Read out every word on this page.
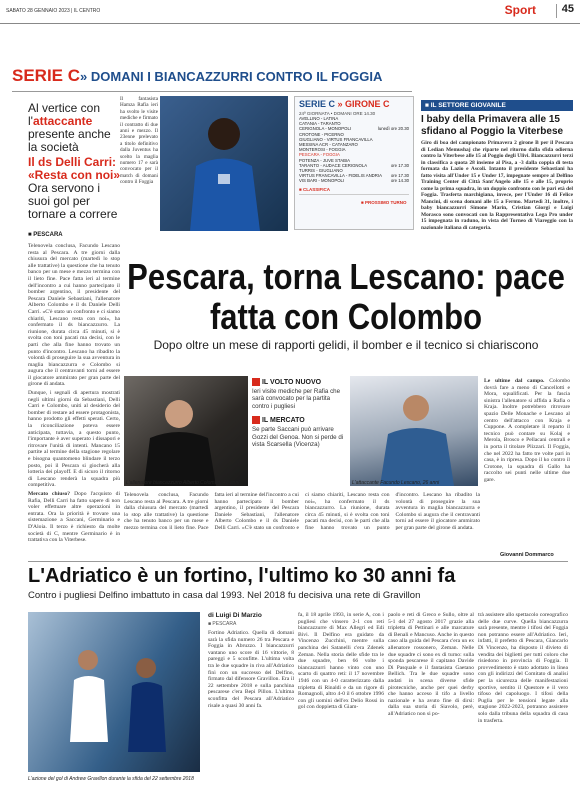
SABATO 28 GENNAIO 2023 | IL CENTRO	Sport 45
SERIE C» DOMANI I BIANCAZZURRI CONTRO IL FOGGIA
Al vertice con l'attaccante presente anche la società
Il ds Delli Carri: «Resta con noi»
Ora servono i suoi gol per tornare a correre
■ PESCARA

Telenovela conclusa, Facundo Lescano resta al Pescara. A tre giorni dalla chiusura del mercato (martedì lo stop alle trattative) la questione che ha tenuto banco per un mese e mezzo termina con il lieto fine. Pace fatta ieri al termine dell'incontro a cui hanno partecipato il bomber argentino, il presidente del Pescara Daniele Sebastiani, l'allenatore Alberto Colombo e il ds Daniele Delli Carri. «C'è stato un confronto e ci siamo chiariti, Lescano resta con noi», ha confermato il ds biancazzurro. La riunione, durata circa 45 minuti, si è svolta con toni pacati ma decisi, con le parti che alla fine hanno trovato un punto d'incontro. Lescano ha ribadito la volontà di proseguire la sua avventura in maglia biancazzurra e Colombo si augura che il centravanti torni ad essere il giocatore ammirato per gran parte del girone di andata.

Dunque, i segnali di apertura mostrati negli ultimi giorni da Sebastiani, Delli Carri e Colombo, uniti al desiderio del bomber di restare ad essere protagonista, hanno prodotto gli effetti sperati. Certo, la riconciliazione poteva essere anticipata, tuttavia, a questo punto, l'importante è aver superato i dissapori e ritrovare l'unità di intenti. Mancano 15 partite al termine della stagione regolare e bisogna quantomeno blindare il terzo posto, poi il Pescara si giocherà alla lotteria dei playoff. E di sicuro il ritorno di Lescano renderà la squadra più competitiva.

Mercato chiuso? Dopo l'acquisto di Rafia, Delli Carri ha fatto sapere di non voler effettuare altre operazioni in entrata. Ora la priorità è trovare una sistemazione a Saccani, Germinario e D'Aloia. Il terzo è richiesto da molte società di C, mentre Germinario è in trattativa con la Viterbese.

Il fantasista Hamza Rafia ieri ha svolto le visite mediche e firmato il contratto di due anni e mezzo. Il 23enne prelevato a titolo definitivo dalla Juventus ha scelto la maglia numero 17 e sarà convocato per il match di domani contro il Foggia
SERIE C » GIRONE C
24ª GIORNATA • DOMANI ORE 14.30
AVELLINO - LATINA
CATANIA - TARANTO
CERIGNOLA - MONOPOLI	lunedì ore 20.30
CROTONE - PICERNO
GIUGLIANO - VIRTUS FRANCAVILLA
MESSINA ACR - CATANZARO
MONTEROSI - FOGGIA
PESCARA - FOGGIA
POTENZA - JUVE STABIA
TARANTO - AUDACE CERIGNOLA	ore 17.30
TURRIS - GIUGLIANO
VIRTUS FRANCAVILLA - FIDELIS ANDRIA ore 17.30
VIS BARI - MONOPOLI	ore 14.30
■ CLASSIFICA
■ PROSSIMO TURNO
■ IL SETTORE GIOVANILE
I baby della Primavera alle 15 sfidano al Poggio la Viterbese
Giro di boa del campionato Primavera 2 girone B per il Pescara di Ledian Memushaj che riparte nel ritorno dalla sfida odierna contro la Viterbese alle 15 al Poggio degli Ulivi. Biancazzurri terzi in classifica a quota 28 insieme al Pisa, a -3 dalla coppia di testa formata da Lazio e Ascoli. Intanto il presidente Sebastiani ha fatto visita all'Under 15 e Under 17, impegnate sempre al Delfino Training Center di Città Sant'Angelo alle 15 e alle 15, proprio come la prima squadra, in un doppio confronto con le pari età del Foggia. Trasferta marchigiana, invece, per l'Under 16 di Felice Mancini, di scena domani alle 15 a Fermo. Martedì 31, inoltre, i baby biancazzurri Simone Marin, Cristian Giorgi e Luigi Morasco sono convocati con la Rappresentativa Lega Pro under 15 impegnata in raduno, in vista del Torneo di Viareggio con la nazionale italiana di categoria.
Pescara, torna Lescano: pace fatta con Colombo
Dopo oltre un mese di rapporti gelidi, il bomber e il tecnico si chiariscono
L'allenatore biancazzurro Alberto Colombo, 48 anni
IL VOLTO NUOVO
Ieri visite mediche per Rafia che sarà convocato per la partita contro i pugliesi
IL MERCATO
Se parte Saccani può arrivare Gozzi del Genoa. Non si perde di vista Scarsella (Vicenza)
L'attaccante Facundo Lescano, 26 anni
Le ultime dal campo. Colombo dovrà fare a meno di Cancellotti e Mora, squalificati. Per la fascia sinistra l'allenatore si affida a Rafia o Kraja. Inoltre potrebbero ritrovare spazio Delle Monache e Lescano al centro dell'attacco con Kraja e Cuppone. A completare il reparto il tecnico può contare su Kolaj e Merola, Brosco e Pellacani centrali e in porta il titolare Plizzari. Il Foggia, che nel 2022 ha fatto tre volte pari in casa, è in ripresa. Dopo il ko contro il Crotone, la squadra di Gallo ha raccolto sei punti nelle ultime due gare.
Giovanni Dommarco
Telenovela conclusa, Facundo Lescano resta al Pescara. A tre giorni dalla chiusura del mercato (martedì lo stop alle trattative) la questione che ha tenuto banco per un mese e mezzo termina con il lieto fine. Pace fatta ieri al termine dell'incontro a cui hanno partecipato il bomber argentino, il presidente del Pescara Daniele Sebastiani, l'allenatore Alberto Colombo e il ds Daniele Delli Carri. «C'è stato un confronto e ci siamo chiariti, Lescano resta con noi», ha confermato il ds biancazzurro. La riunione, durata circa 45 minuti, si è svolta con toni pacati ma decisi, con le parti che alla fine hanno trovato un punto d'incontro. Lescano ha ribadito la volontà di proseguire la sua avventura in maglia biancazzurra e Colombo si augura che il centravanti torni ad essere il giocatore ammirato per gran parte del girone di andata.
L'Adriatico è un fortino, l'ultimo ko 30 anni fa
Contro i pugliesi Delfino imbattuto in casa dal 1993. Nel 2018 fu decisiva una rete di Gravillon
L'azione del gol di Andrew Gravillon durante la sfida del 22 settembre 2018
di Luigi Di Marzio
■ PESCARA
Fortino Adriatico. Quella di domani sarà la sfida numero 26 tra Pescara e Foggia in Abruzzo. I biancazzurri vantano uno score di 16 vittorie, 8 pareggi e 5 sconfitte. L'ultima volta tra le due squadre in riva all'Adriatico finì con un successo del Delfino, firmato dal difensore Gravillon. Era il 22 settembre 2018 e sulla panchina pescarese c'era Bepi Pillon. L'ultima sconfitta del Pescara all'Adriatico risale a quasi 30 anni fa.
fa, il 18 aprile 1993, in serie A, con i pugliesi che vinsero 2-1 con reti biancazzurre di Max Allegri ed Edi Bivi. Il Delfino era guidato da Vincenzo Zucchini, mentre sulla panchina dei Satanelli c'era Zdenek Zeman. Nella storia delle sfide tra le due squadre, ben 66 volte i biancazzurri hanno vinto con uno scarto di quattro reti: il 17 novembre 1946 con un 4-0 caratterizzato dalla tripletta di Rinaldi e da un rigore di Romagnoli, altro 4-0 il 6 ottobre 1996 con gli uomini dell'ex Delio Rossi in gol con doppietta di Giam-
paolo e reti di Greco e Sullo, oltre al 5-1 del 27 agosto 2017 grazie alla tripletta di Pettinari e alle marcature di Benali e Mancuso. Anche in questo caso alla guida del Pescara c'era un ex allenatore rossonero, Zeman. Nelle due squadre ci sono ex di turno: sulla sponda pescarese il capitano Davide Di Pasquale e il fantasista Gaetano Bellich. Tra le due squadre sono andati in scena diverse sfide pirotecniche, anche per quei derby che hanno acceso il tifo a livello nazionale e ha avuto fine di dirsi: dalla sua storia di Siavolo, perè, all'Adriatico non si po-
trà assistere allo spettacolo coreografico delle due curve. Quella biancazzurra sarà presente, mentre i tifosi del Foggia non potranno essere all'Adriatico. Ieri, infatti, il prefetto di Pescara, Giancarlo Di Vincenzo, ha disposto il divieto di vendita dei biglietti per tutti coloro che risiedono in provincia di Foggia. Il provvedimento è stato adottato in linea con gli indirizzi del Comitato di analisi per la sicurezza delle manifestazioni sportive, sentito il Questore e il vero tifoso del capoluogo. I tifosi della Puglia per le tensioni legate alla stagione 2022-2023, potranno assistere solo dalla tribuna della squadra di casa in trasferta.
